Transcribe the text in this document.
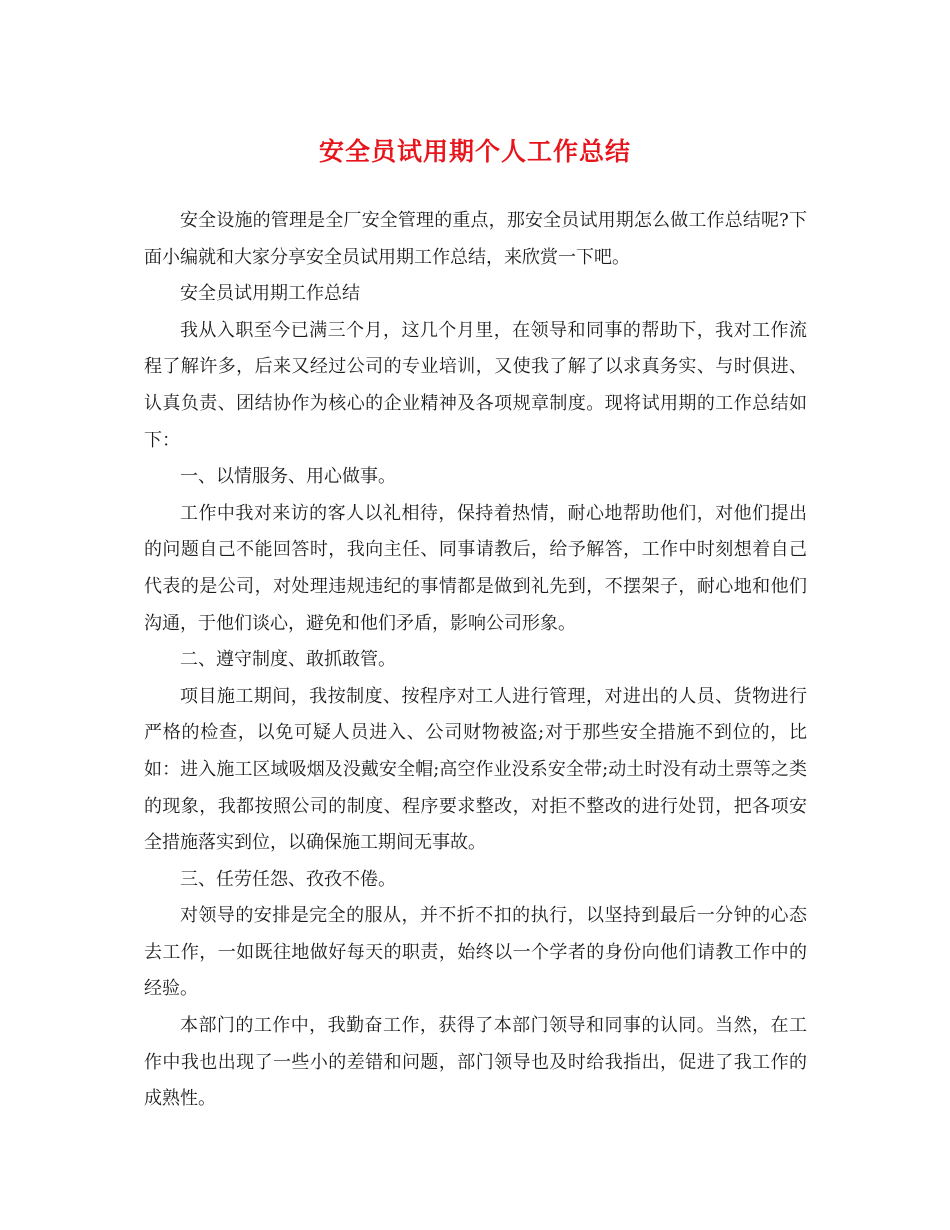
安全员试用期个人工作总结

安全设施的管理是全厂安全管理的重点，那安全员试用期怎么做工作总结呢?下面小编就和大家分享安全员试用期工作总结，来欣赏一下吧。

安全员试用期工作总结

我从入职至今已满三个月，这几个月里，在领导和同事的帮助下，我对工作流程了解许多，后来又经过公司的专业培训，又使我了解了以求真务实、与时俱进、认真负责、团结协作为核心的企业精神及各项规章制度。现将试用期的工作总结如下：

一、以情服务、用心做事。

工作中我对来访的客人以礼相待，保持着热情，耐心地帮助他们，对他们提出的问题自己不能回答时，我向主任、同事请教后，给予解答，工作中时刻想着自己代表的是公司，对处理违规违纪的事情都是做到礼先到，不摆架子，耐心地和他们沟通，于他们谈心，避免和他们矛盾，影响公司形象。

二、遵守制度、敢抓敢管。

项目施工期间，我按制度、按程序对工人进行管理，对进出的人员、货物进行严格的检查，以免可疑人员进入、公司财物被盗;对于那些安全措施不到位的，比如：进入施工区域吸烟及没戴安全帽;高空作业没系安全带;动土时没有动土票等之类的现象，我都按照公司的制度、程序要求整改，对拒不整改的进行处罚，把各项安全措施落实到位，以确保施工期间无事故。

三、任劳任怨、孜孜不倦。

对领导的安排是完全的服从，并不折不扣的执行，以坚持到最后一分钟的心态去工作，一如既往地做好每天的职责，始终以一个学者的身份向他们请教工作中的经验。

本部门的工作中，我勤奋工作，获得了本部门领导和同事的认同。当然，在工作中我也出现了一些小的差错和问题，部门领导也及时给我指出，促进了我工作的成熟性。
